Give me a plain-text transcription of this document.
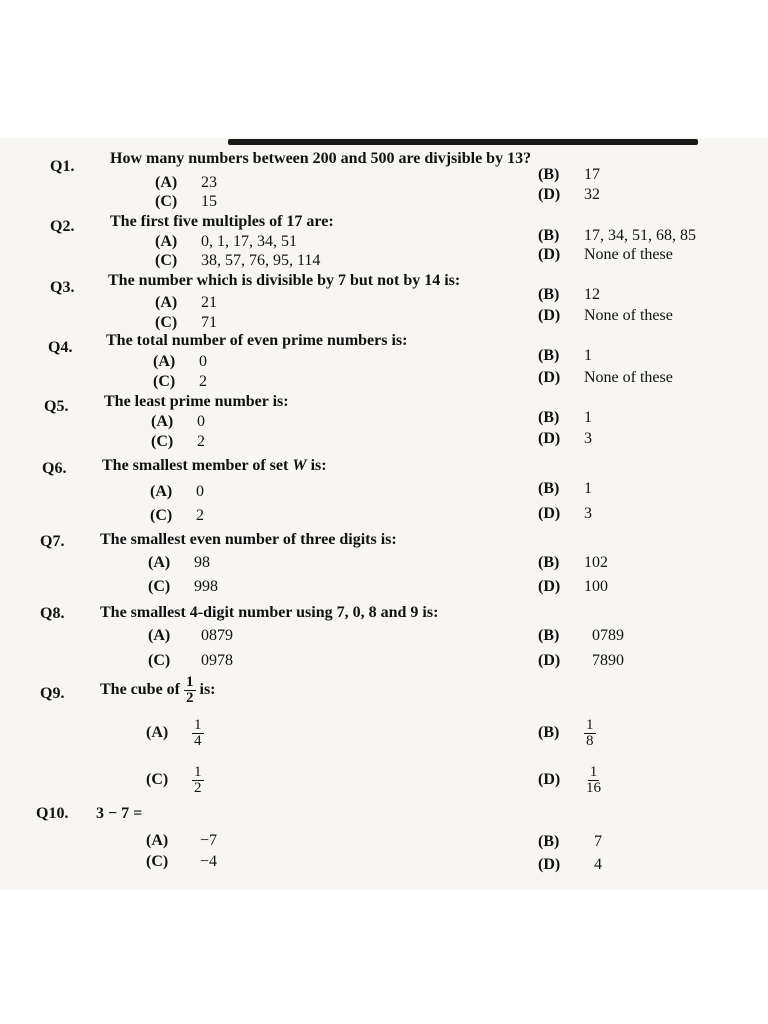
Q1. How many numbers between 200 and 500 are divjsible by 13?
(A) 23	(B) 17
(C) 15	(D) 32
Q2. The first five multiples of 17 are:
(A) 0, 1, 17, 34, 51	(B) 17, 34, 51, 68, 85
(C) 38, 57, 76, 95, 114	(D) None of these
Q3. The number which is divisible by 7 but not by 14 is:
(A) 21	(B) 12
(C) 71	(D) None of these
Q4. The total number of even prime numbers is:
(A) 0	(B) 1
(C) 2	(D) None of these
Q5. The least prime number is:
(A) 0	(B) 1
(C) 2	(D) 3
Q6. The smallest member of set W is:
(A) 0	(B) 1
(C) 2	(D) 3
Q7. The smallest even number of three digits is:
(A) 98	(B) 102
(C) 998	(D) 100
Q8. The smallest 4-digit number using 7, 0, 8 and 9 is:
(A) 0879	(B) 0789
(C) 0978	(D) 7890
Q9. The cube of $\frac{1}{2}$ is:
$(A) \frac{1}{4}$	$(B) \frac{1}{8}$
$(C) \frac{1}{2}$	$(D) \frac{1}{16}$
Q10. 3 − 7 =
(A) −7	(B) 7
(C) −4	(D) 4
